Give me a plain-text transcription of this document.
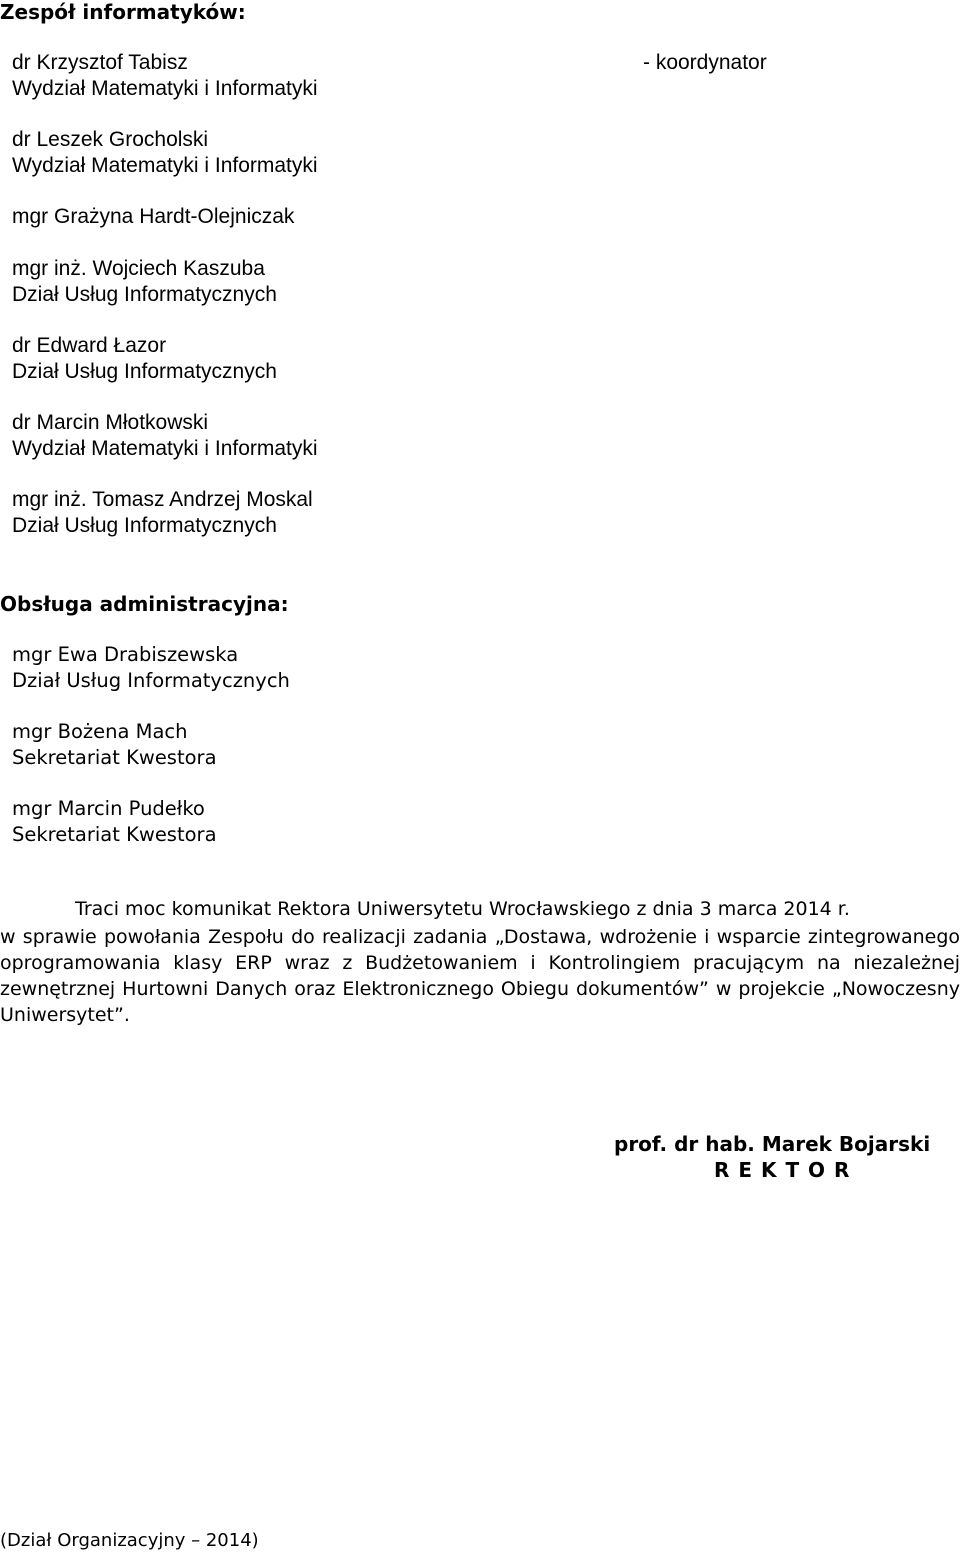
Zespół informatyków:
dr Krzysztof Tabisz
Wydział Matematyki i Informatyki
- koordynator
dr Leszek Grocholski
Wydział Matematyki i Informatyki
mgr Grażyna Hardt-Olejniczak
mgr inż. Wojciech Kaszuba
Dział Usług Informatycznych
dr Edward Łazor
Dział Usług Informatycznych
dr Marcin Młotkowski
Wydział Matematyki i Informatyki
mgr inż. Tomasz Andrzej Moskal
Dział Usług Informatycznych
Obsługa administracyjna:
mgr Ewa Drabiszewska
Dział Usług Informatycznych
mgr Bożena Mach
Sekretariat Kwestora
mgr Marcin Pudełko
Sekretariat Kwestora
Traci moc komunikat Rektora Uniwersytetu Wrocławskiego z dnia 3 marca 2014 r.
w sprawie powołania Zespołu do realizacji zadania „Dostawa, wdrożenie i wsparcie zintegrowanego oprogramowania klasy ERP wraz z Budżetowaniem i Kontrolingiem pracującym na niezależnej zewnętrznej Hurtowni Danych oraz Elektronicznego Obiegu dokumentów” w projekcie „Nowoczesny Uniwersytet”.
prof. dr hab. Marek Bojarski
R E K T O R
(Dział Organizacyjny – 2014)
